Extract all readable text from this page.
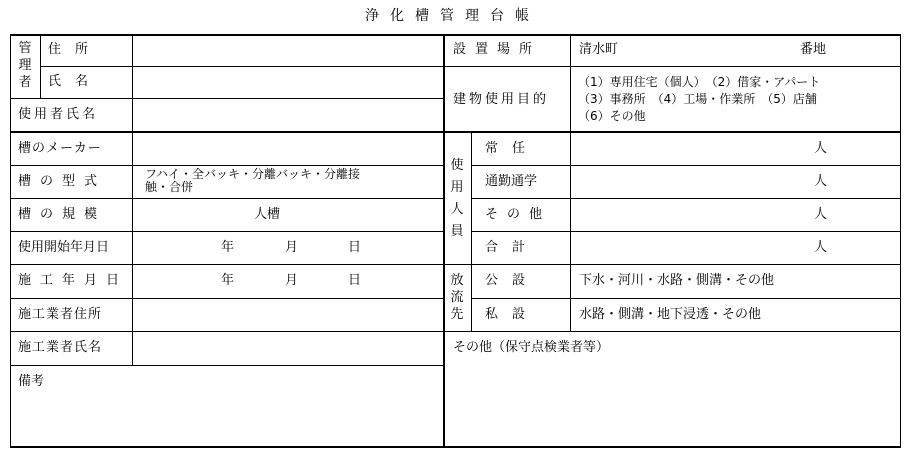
浄化槽管理台帳
管理者
住所
氏名
使用者氏名
槽のメーカー
槽の型式	フハイ・全バッキ・分離バッキ・分離接
触・合併
槽の規模	人槽
使用開始年月日	年	月	日
施工年月日	年	月	日
施工業者住所
施工業者氏名
備考
設置場所	清水町	番地
建物使用目的
（1）専用住宅（個人）　（2）借家・アパート
（3）事務所　（4）工場・作業所　（5）店舗
（6）その他
使用人員
常任	人
通勤通学	人
その他	人
合計	人
放流先
公設	下水・河川・水路・側溝・その他
私設	水路・側溝・地下浸透・その他
その他（保守点検業者等）
